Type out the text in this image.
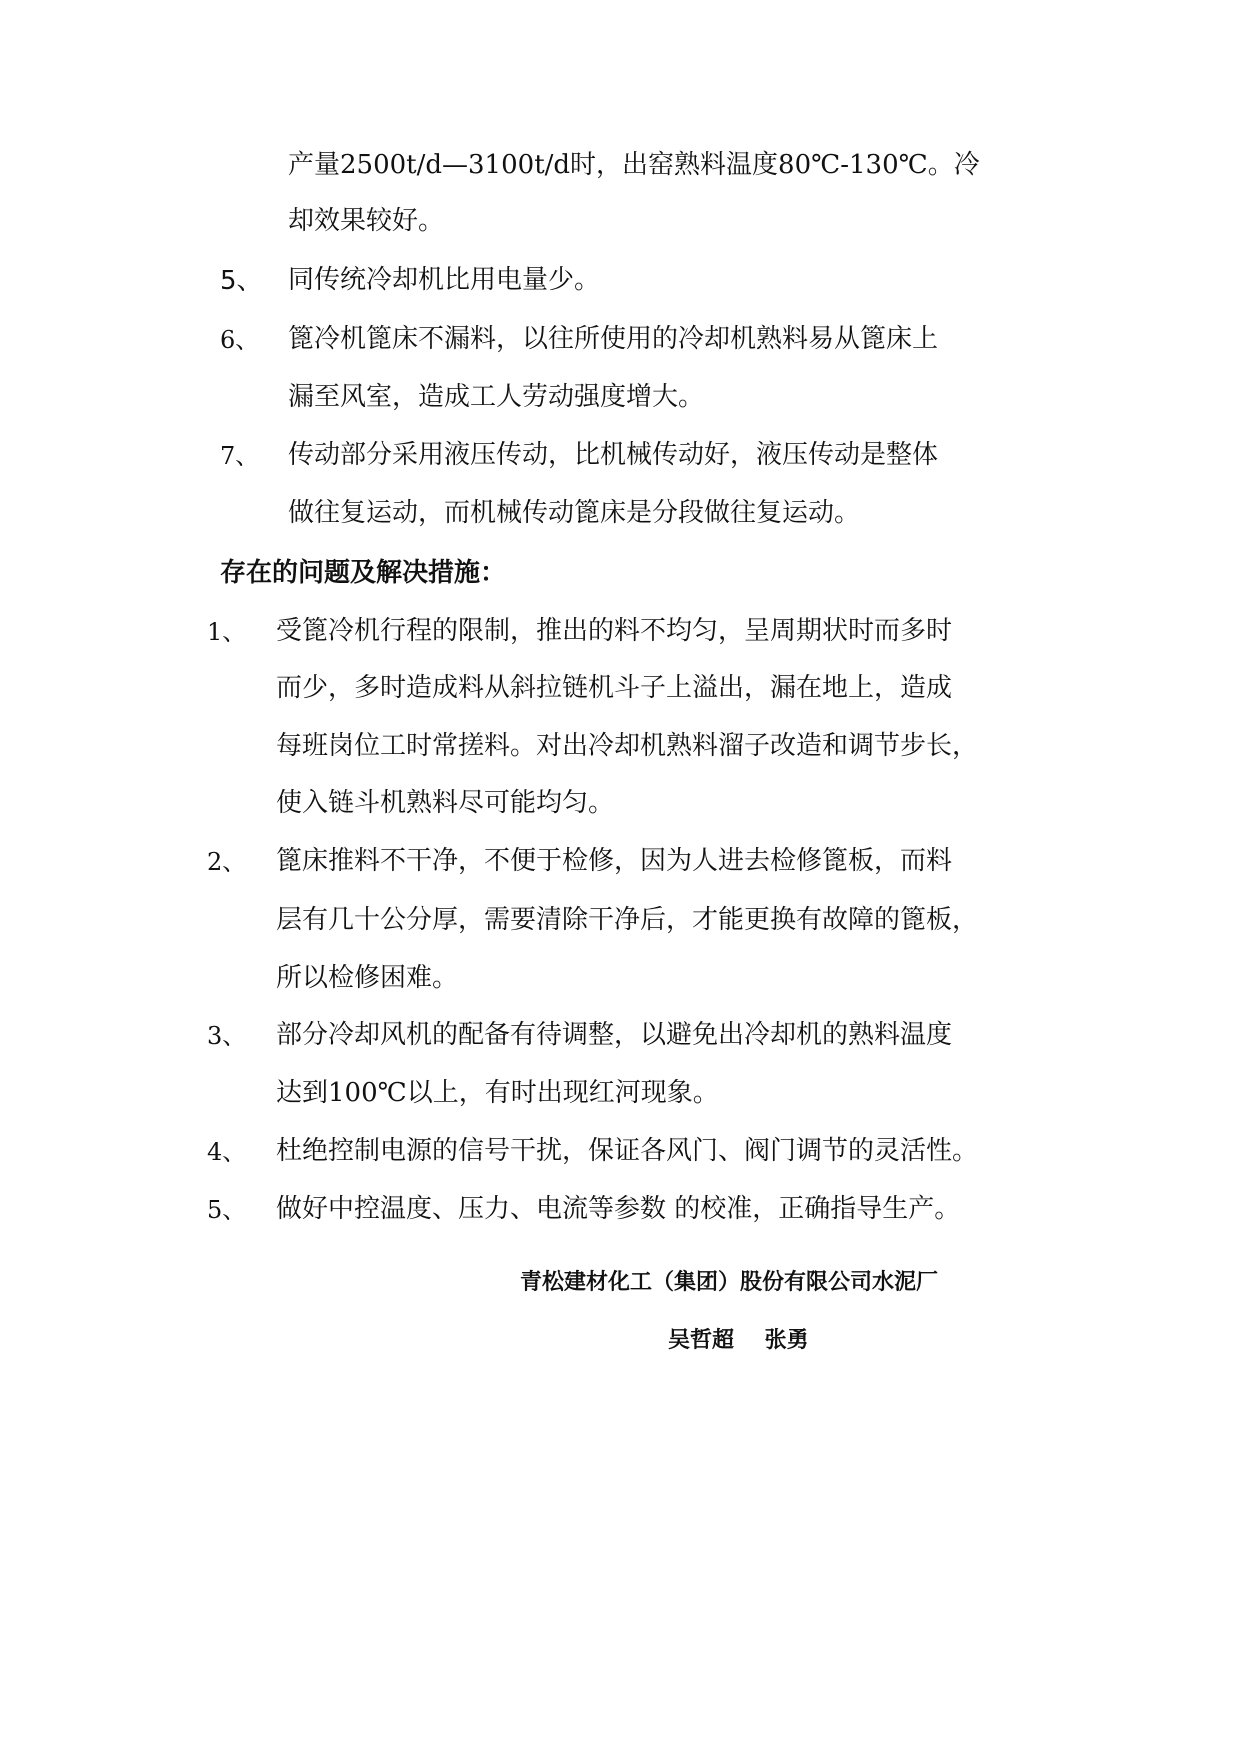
产量2500t/d—3100t/d时，出窑熟料温度80℃-130℃。冷
却效果较好。
5、 同传统冷却机比用电量少。
6、 篦冷机篦床不漏料，以往所使用的冷却机熟料易从篦床上
漏至风室，造成工人劳动强度增大。
7、 传动部分采用液压传动，比机械传动好，液压传动是整体
做往复运动，而机械传动篦床是分段做往复运动。
存在的问题及解决措施：
1、 受篦冷机行程的限制，推出的料不均匀，呈周期状时而多时
而少，多时造成料从斜拉链机斗子上溢出，漏在地上，造成
每班岗位工时常搓料。对出冷却机熟料溜子改造和调节步长，
使入链斗机熟料尽可能均匀。
2、 篦床推料不干净，不便于检修，因为人进去检修篦板，而料
层有几十公分厚，需要清除干净后，才能更换有故障的篦板，
所以检修困难。
3、 部分冷却风机的配备有待调整，以避免出冷却机的熟料温度
达到100℃以上，有时出现红河现象。
4、 杜绝控制电源的信号干扰，保证各风门、阀门调节的灵活性。
5、 做好中控温度、压力、电流等参数 的校准，正确指导生产。
青松建材化工（集团）股份有限公司水泥厂
吴哲超    张勇
